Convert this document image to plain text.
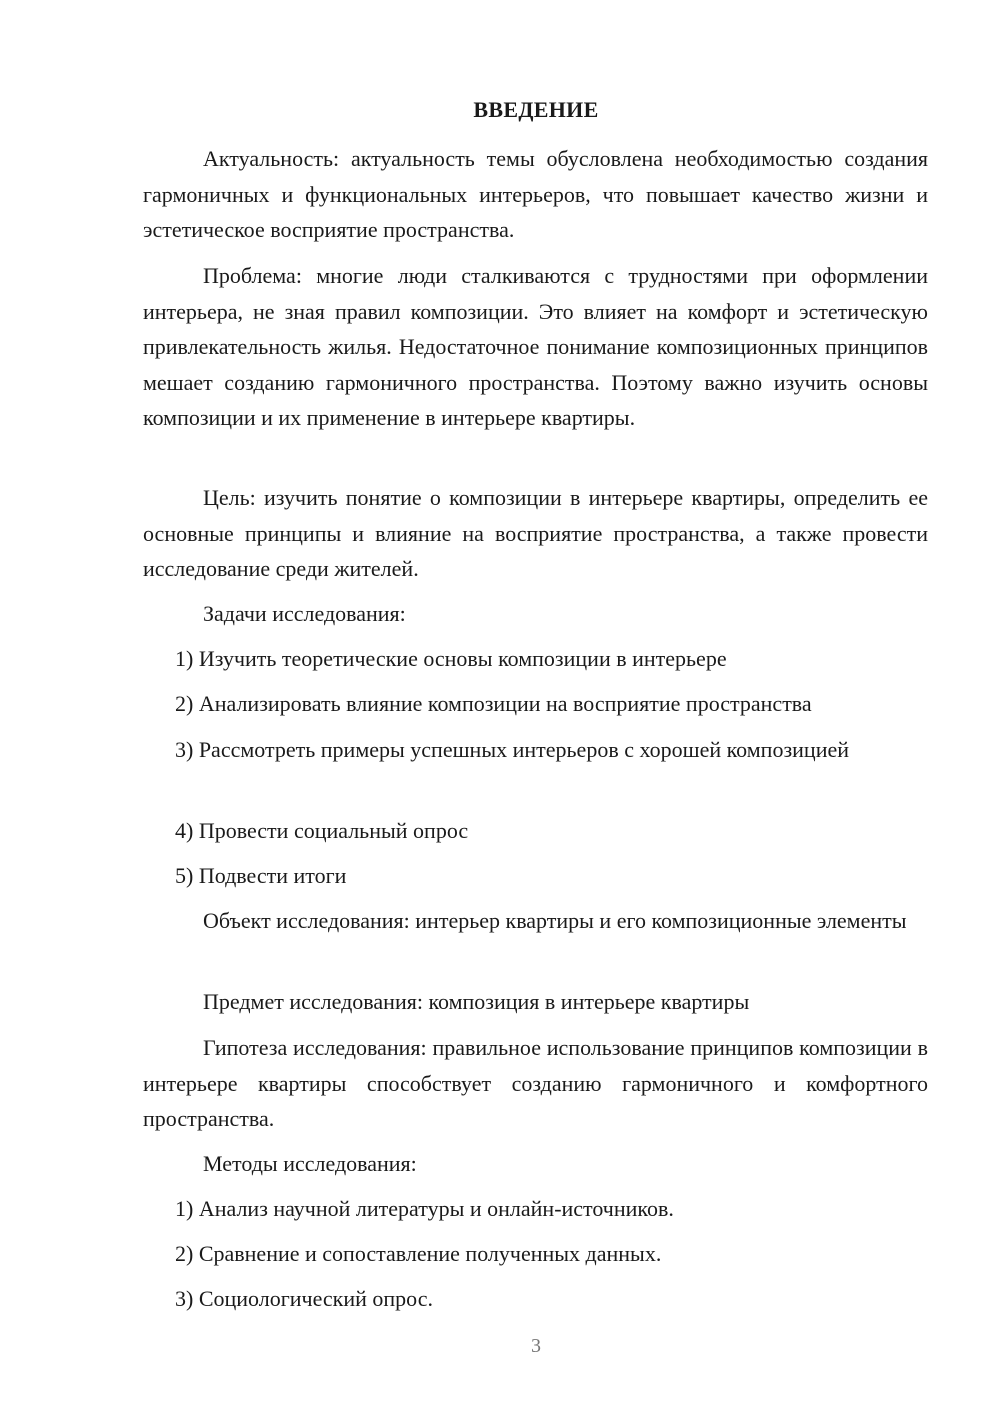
ВВЕДЕНИЕ
Актуальность: актуальность темы обусловлена необходимостью создания гармоничных и функциональных интерьеров, что повышает качество жизни и эстетическое восприятие пространства.
Проблема: многие люди сталкиваются с трудностями при оформлении интерьера, не зная правил композиции. Это влияет на комфорт и эстетическую привлекательность жилья. Недостаточное понимание композиционных принципов мешает созданию гармоничного пространства. Поэтому важно изучить основы композиции и их применение в интерьере квартиры.
Цель: изучить понятие о композиции в интерьере квартиры, определить ее основные принципы и влияние на восприятие пространства, а также провести исследование среди жителей.
Задачи исследования:
1) Изучить теоретические основы композиции в интерьере
2) Анализировать влияние композиции на восприятие пространства
3) Рассмотреть примеры успешных интерьеров с хорошей композицией
4) Провести социальный опрос
5) Подвести итоги
Объект исследования: интерьер квартиры и его композиционные элементы
Предмет исследования: композиция в интерьере квартиры
Гипотеза исследования: правильное использование принципов композиции в интерьере квартиры способствует созданию гармоничного и комфортного пространства.
Методы исследования:
1) Анализ научной литературы и онлайн-источников.
2) Сравнение и сопоставление полученных данных.
3) Социологический опрос.
3
